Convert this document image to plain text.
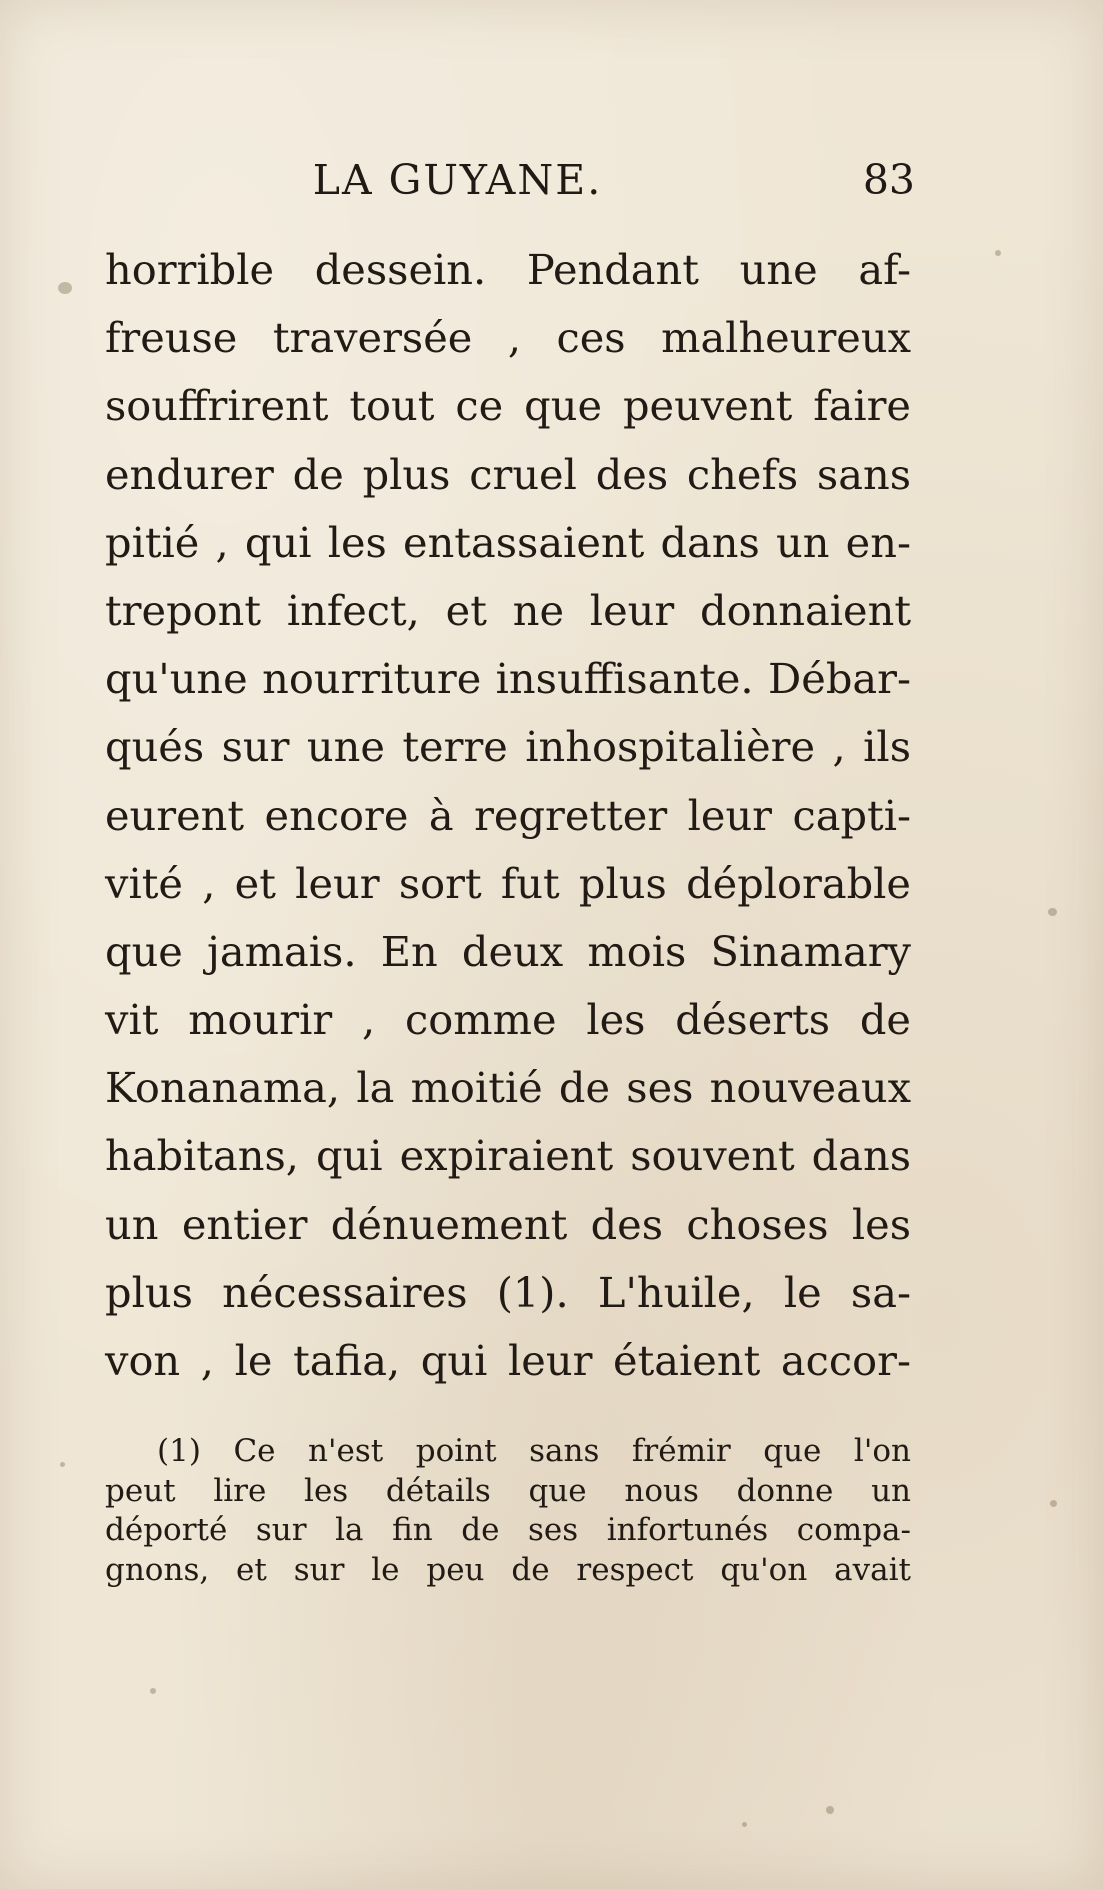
LA GUYANE.	83
horrible dessein. Pendant une af-
freuse traversée , ces malheureux
souffrirent tout ce que peuvent faire
endurer de plus cruel des chefs sans
pitié , qui les entassaient dans un en-
trepont infect, et ne leur donnaient
qu'une nourriture insuffisante. Débar-
qués sur une terre inhospitalière , ils
eurent encore à regretter leur capti-
vité , et leur sort fut plus déplorable
que jamais. En deux mois Sinamary
vit mourir , comme les déserts de
Konanama, la moitié de ses nouveaux
habitans, qui expiraient souvent dans
un entier dénuement des choses les
plus nécessaires (1). L'huile, le sa-
von , le tafia, qui leur étaient accor-
(1) Ce n'est point sans frémir que l'on
peut lire les détails que nous donne un
déporté sur la fin de ses infortunés compa-
gnons, et sur le peu de respect qu'on avait
